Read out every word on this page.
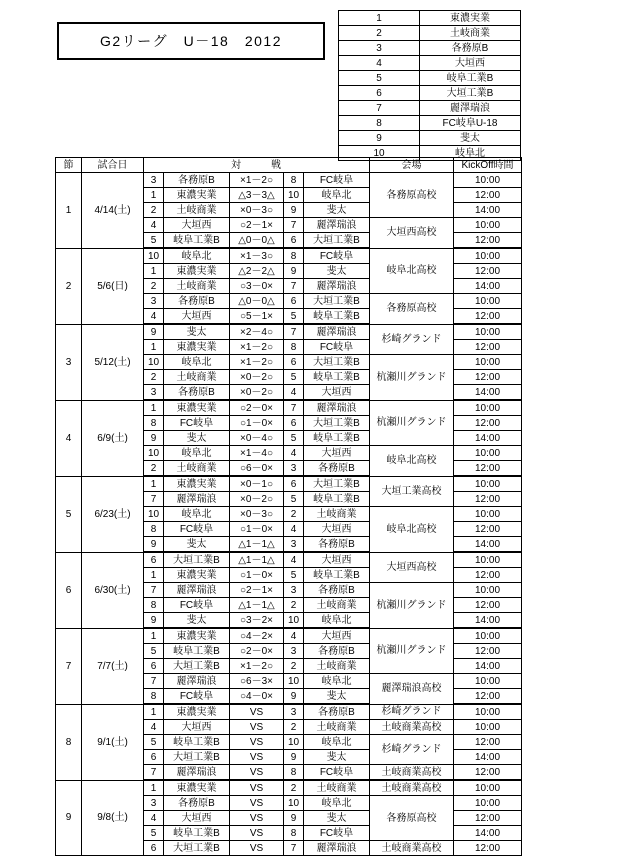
G2リーグ　U－18　2012
1	東濃実業
2	土岐商業
3	各務原B
4	大垣西
5	岐阜工業B
6	大垣工業B
7	麗澤瑞浪
8	FC岐阜U-18
9	斐太
10	岐阜北
節	試合日	対　戦					会場	KickOff時間
1	4/14(土)	3	各務原B	×1－2○	8	FC岐阜	各務原高校	10:00
		1	東濃実業	△3－3△	10	岐阜北		12:00
		2	土岐商業	×0－3○	9	斐太		14:00
		4	大垣西	○2－1×	7	麗澤瑞浪	大垣西高校	10:00
		5	岐阜工業B	△0－0△	6	大垣工業B		12:00
2	5/6(日)	10	岐阜北	×1－3○	8	FC岐阜	岐阜北高校	10:00
		1	東濃実業	△2－2△	9	斐太		12:00
		2	土岐商業	○3－0×	7	麗澤瑞浪		14:00
		3	各務原B	△0－0△	6	大垣工業B	各務原高校	10:00
		4	大垣西	○5－1×	5	岐阜工業B		12:00
3	5/12(土)	9	斐太	×2－4○	7	麗澤瑞浪	杉崎グランド	10:00
		1	東濃実業	×1－2○	8	FC岐阜		12:00
		10	岐阜北	×1－2○	6	大垣工業B	杭瀬川グランド	10:00
		2	土岐商業	×0－2○	5	岐阜工業B		12:00
		3	各務原B	×0－2○	4	大垣西		14:00
4	6/9(土)	1	東濃実業	○2－0×	7	麗澤瑞浪	杭瀬川グランド	10:00
		8	FC岐阜	○1－0×	6	大垣工業B		12:00
		9	斐太	×0－4○	5	岐阜工業B		14:00
		10	岐阜北	×1－4○	4	大垣西	岐阜北高校	10:00
		2	土岐商業	○6－0×	3	各務原B		12:00
5	6/23(土)	1	東濃実業	×0－1○	6	大垣工業B	大垣工業高校	10:00
		7	麗澤瑞浪	×0－2○	5	岐阜工業B		12:00
		10	岐阜北	×0－3○	2	土岐商業	岐阜北高校	10:00
		8	FC岐阜	○1－0×	4	大垣西		12:00
		9	斐太	△1－1△	3	各務原B		14:00
6	6/30(土)	6	大垣工業B	△1－1△	4	大垣西	大垣西高校	10:00
		1	東濃実業	○1－0×	5	岐阜工業B		12:00
		7	麗澤瑞浪	○2－1×	3	各務原B	杭瀬川グランド	10:00
		8	FC岐阜	△1－1△	2	土岐商業		12:00
		9	斐太	○3－2×	10	岐阜北		14:00
7	7/7(土)	1	東濃実業	○4－2×	4	大垣西	杭瀬川グランド	10:00
		5	岐阜工業B	○2－0×	3	各務原B		12:00
		6	大垣工業B	×1－2○	2	土岐商業		14:00
		7	麗澤瑞浪	○6－3×	10	岐阜北	麗澤瑞浪高校	10:00
		8	FC岐阜	○4－0×	9	斐太		12:00
8	9/1(土)	1	東濃実業	VS	3	各務原B	杉崎グランド	10:00
		4	大垣西	VS	2	土岐商業	土岐商業高校	10:00
		5	岐阜工業B	VS	10	岐阜北	杉崎グランド	12:00
		6	大垣工業B	VS	9	斐太		14:00
		7	麗澤瑞浪	VS	8	FC岐阜	土岐商業高校	12:00
9	9/8(土)	1	東濃実業	VS	2	土岐商業	土岐商業高校	10:00
		3	各務原B	VS	10	岐阜北	各務原高校	10:00
		4	大垣西	VS	9	斐太		12:00
		5	岐阜工業B	VS	8	FC岐阜		14:00
		6	大垣工業B	VS	7	麗澤瑞浪	土岐商業高校	12:00
